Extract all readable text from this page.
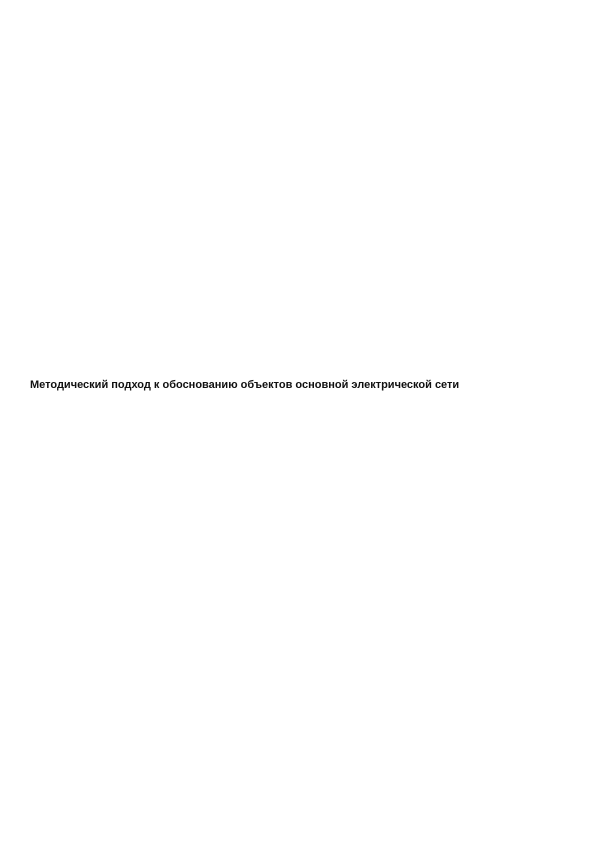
Методический подход к обоснованию объектов основной электрической сети
